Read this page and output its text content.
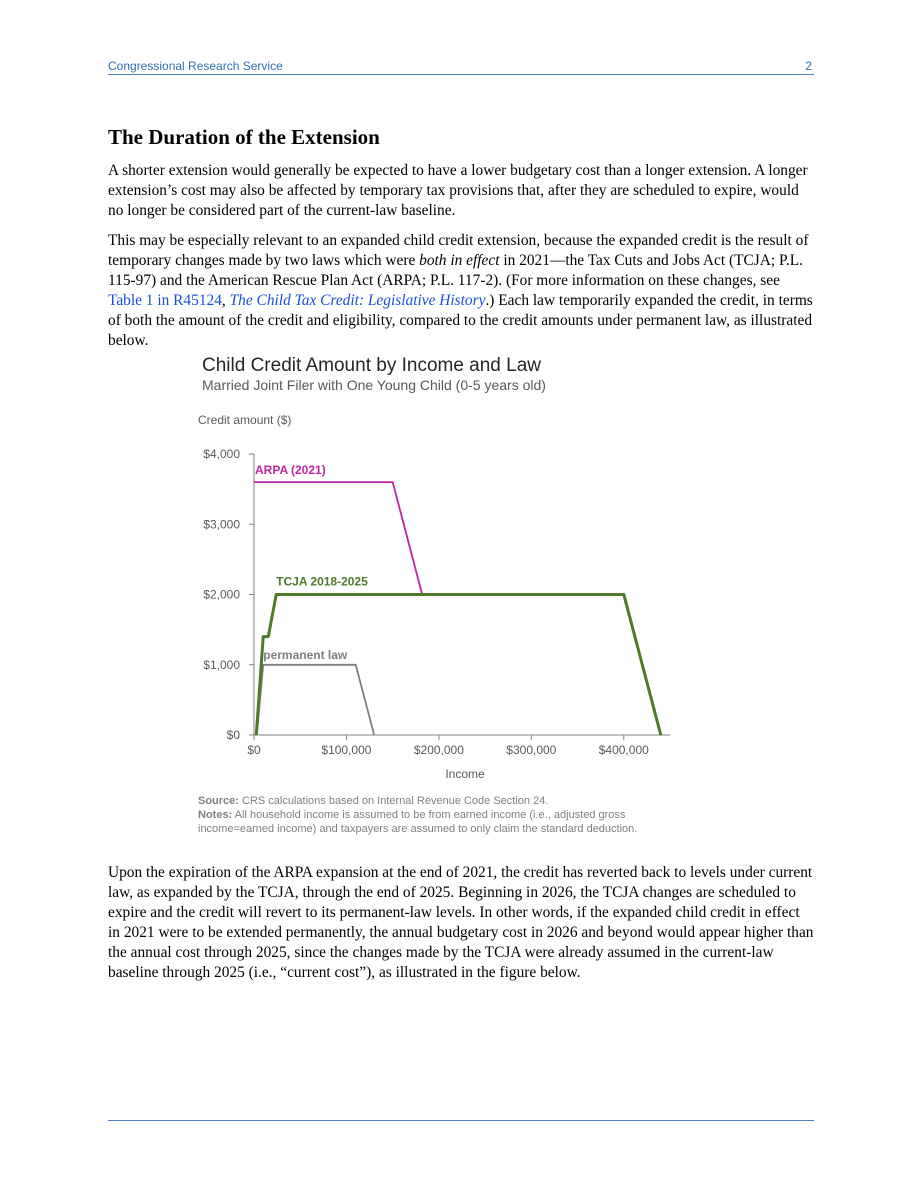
Congressional Research Service	2
The Duration of the Extension

A shorter extension would generally be expected to have a lower budgetary cost than a longer extension. A longer extension’s cost may also be affected by temporary tax provisions that, after they are scheduled to expire, would no longer be considered part of the current-law baseline.

This may be especially relevant to an expanded child credit extension, because the expanded credit is the result of temporary changes made by two laws which were both in effect in 2021—the Tax Cuts and Jobs Act (TCJA; P.L. 115-97) and the American Rescue Plan Act (ARPA; P.L. 117-2). (For more information on these changes, see Table 1 in R45124, The Child Tax Credit: Legislative History.) Each law temporarily expanded the credit, in terms of both the amount of the credit and eligibility, compared to the credit amounts under permanent law, as illustrated below.

Child Credit Amount by Income and Law
Married Joint Filer with One Young Child (0-5 years old)
Credit amount ($)
$0
$1,000
$2,000
$3,000
$4,000
$0	$100,000	$200,000	$300,000	$400,000
ARPA (2021)
TCJA 2018-2025
permanent law
Income
Source: CRS calculations based on Internal Revenue Code Section 24.
Notes: All household income is assumed to be from earned income (i.e., adjusted gross
income=earned income) and taxpayers are assumed to only claim the standard deduction.

Upon the expiration of the ARPA expansion at the end of 2021, the credit has reverted back to levels under current law, as expanded by the TCJA, through the end of 2025. Beginning in 2026, the TCJA changes are scheduled to expire and the credit will revert to its permanent-law levels. In other words, if the expanded child credit in effect in 2021 were to be extended permanently, the annual budgetary cost in 2026 and beyond would appear higher than the annual cost through 2025, since the changes made by the TCJA were already assumed in the current-law baseline through 2025 (i.e., “current cost”), as illustrated in the figure below.
